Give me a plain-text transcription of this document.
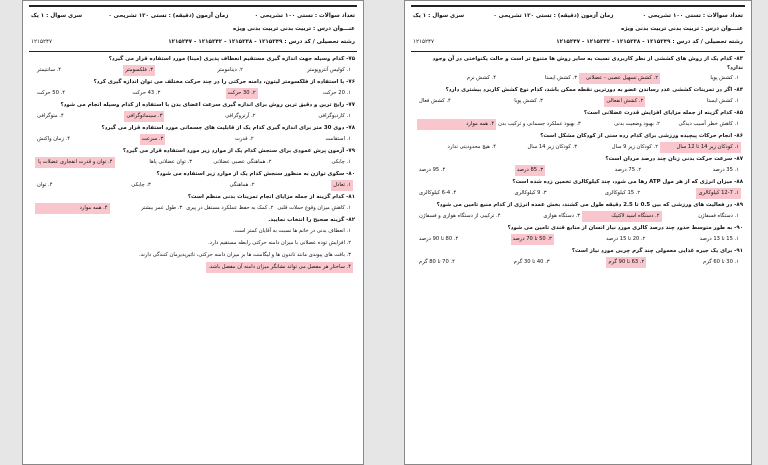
تعداد سوالات : تستی ۱۰۰ تشریحی ۰
زمان آزمون (دقیقه) : تستی ۱۲۰ تشریحی ۰
سری سوال : ۱ یک
عنـــوان درس : تربیت بدنی تربیت بدنی ویژه
رشته تحصیلی / کد درس : ۱۲۱۵۲۴۹ - ۱۲۱۵۲۳۸ - ۱۲۱۵۲۴۲ - ۱۲۱۵۲۴۷
۱۲۱۵۲۴۷
۷۵- کدام وسیله جهت اندازه گیری مستقیم انعطاف پذیری (مینا) مورد استفاده قرار می گیرد؟
۱. کولیس آنتروپومتر
۲. دینامومتر
۳. فلکسومتر
۴. سانتیمتر
۷۶- با استفاده از فلکسومتر لیتون، دامنه حرکتی را در چند حرکت مختلف می توان اندازه گیری کرد؟
۱. 20 حرکت
۲. 30 حرکت
۳. 43 حرکت
۴. 50 حرکت
۷۷- رایج ترین و دقیق ترین روش برای اندازه گیری سرعت اعضای بدن با استفاده از کدام وسیله انجام می شود؟
۱. کاردیوگرافی
۲. آرتروگرافی
۳. سینماتوگرافی
۴. متوگرافی
۷۸- دوی 30 متر برای اندازه گیری کدام یک از قابلیت های جسمانی مورد استفاده قرار می گیرد؟
۱. استقامت
۲. قدرت
۳. سرعت
۴. زمان واکنش
۷۹- آزمون پرش عمودی برای سنجش کدام یک از موارد زیر مورد استفاده قرار می گیرد؟
۱. چابکی
۲. هماهنگی عصبی عضلانی
۳. توان عضلانی پاها
۴. توان و قدرت انفجاری عضلات پا
۸۰- سکوی توازن به منظور سنجش کدام یک از موارد زیر استفاده می شود؟
۱. تعادل
۲. هماهنگی
۳. چابکی
۴. توان
۸۱- کدام گزینه از جمله مزایای انجام تمرینات بدنی منظم است؟
۱. کاهش میزان وقوع حملات قلبی
۲. کمک به حفظ عملکرد مستقل در پیری
۳. طول عمر بیشتر
۴. همه موارد
۸۲- گزینه صحیح را انتخاب نمایید.
۱. انعطاف بدنی در خانم ها نسبت به آقایان کمتر است.
۲. افزایش توده عضلانی با میزان دامنه حرکتی رابطه مستقیم دارد.
۳. بافت های پیوندی مانند تاندون ها و لیگامنت ها بر میزان دامنه حرکتی، تاثیرپذیرمان کنندگی دارند.
۴. ساختار هر مفصل می تواند نشانگر میزان دامنه آن مفصل باشد.
تعداد سوالات : تستی ۱۰۰ تشریحی ۰
زمان آزمون (دقیقه) : تستی ۱۲۰ تشریحی ۰
سری سوال : ۱ یک
عنـــوان درس : تربیت بدنی تربیت بدنی ویژه
رشته تحصیلی / کد درس : ۱۲۱۵۲۴۹ - ۱۲۱۵۲۳۸ - ۱۲۱۵۲۴۲ - ۱۲۱۵۲۴۷
۱۲۱۵۲۴۷
۸۳- کدام یک از روش های کششی از نظر کاربردی نسبت به سایر روش ها متنوع تر است و حالت یکنواختی در آن وجود ندارد؟
۱. کشش پویا
۲. کشش تسهیل عصبی - عضلانی
۳. کشش ایستا
۴. کشش نرم
۸۴- اگر در تمرینات کششی عدد رساندن عضو به دورترین نقطه ممکن باشد، کدام نوع کشش کاربرد بیشتری دارد؟
۱. کشش ایستا
۲. کشش انفعالی
۳. کشش پویا
۴. کشش فعال
۸۵- کدام گزینه از جمله مزایای افزایش قدرت عضلانی است؟
۱. کاهش خطر آسیب دیدگی
۲. بهبود وضعیت بدنی
۳. بهبود عملکرد جسمانی و ترکیب بدن
۴. همه موارد
۸۶- انجام حرکات پیچیده ورزشی برای کدام رده سنی از کودکان مشکل است؟
۱. کودکان زیر 14 تا 12 سال
۲. کودکان زیر 9 سال
۳. کودکان زیر 14 سال
۴. هیچ محدودیتی ندارد
۸۷- سرعت حرکت بدنی زنان چند درصد مردان است؟
۱. 35 درصد
۲. 75 درصد
۳. 85 درصد
۴. 95 درصد
۸۸- میزان انرژی که از هر مول ATP رها می شود، چند کیلوکالری تخمین زده شده است؟
۱. 12-7 کیلوکالری
۲. 15 کیلوکالری
۳. 9 کیلوکالری
۴. 6-4 کیلوکالری
۸۹- در فعالیت های ورزشی که بین 0.5 تا 2.5 دقیقه طول می کشند، بخش عمده انرژی از کدام منبع تامین می شود؟
۱. دستگاه فسفاژن
۲. دستگاه اسید لاکتیک
۳. دستگاه هوازی
۴. ترکیبی از دستگاه هوازی و فسفاژن
۹۰- به طور متوسط حدود چند درصد کالری مورد نیاز انسان از منابع قندی تامین می شود؟
۱. 15 تا 13 درصد
۲. 20 تا 15 درصد
۳. 50 تا 70 درصد
۴. 80 تا 90 درصد
۹۱- برای یک جیره غذایی معمولی چند گرم چربی مورد نیاز است؟
۱. 30 تا 60 گرم
۲. 63 تا 90 گرم
۳. 40 تا 30 گرم
۴. 70 تا 80 گرم
